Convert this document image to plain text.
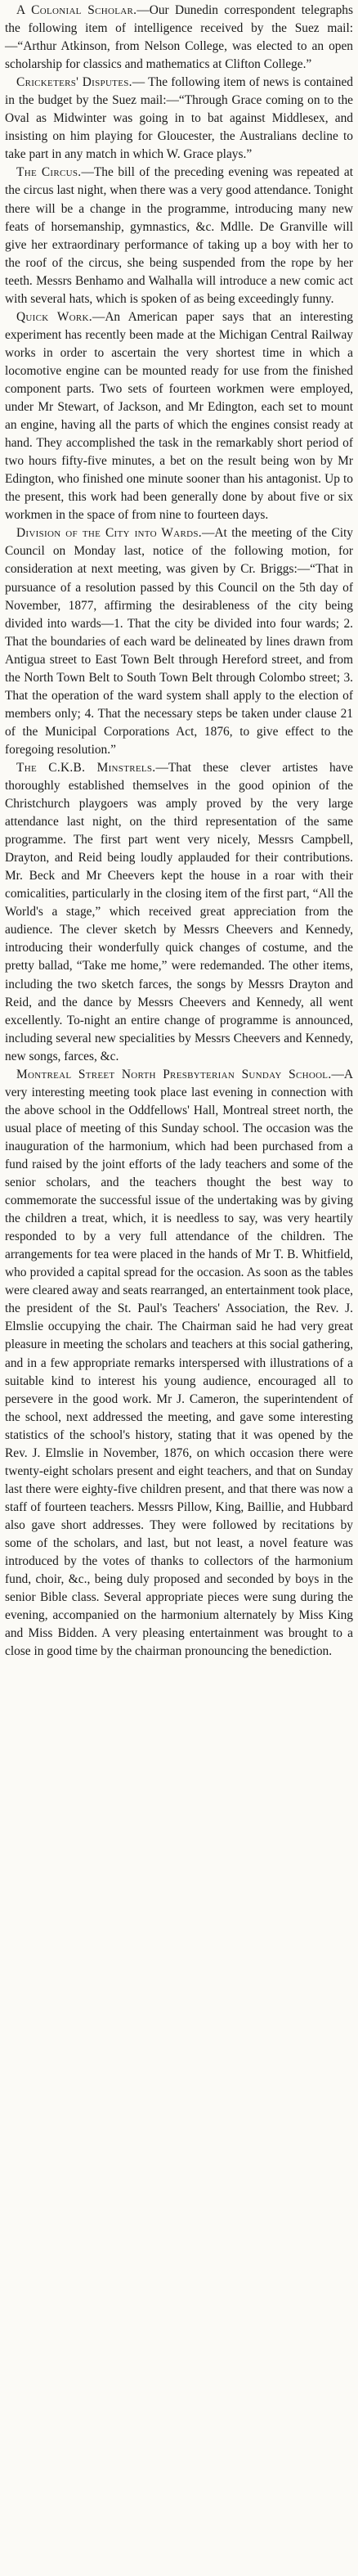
A Colonial Scholar.—Our Dunedin correspondent telegraphs the following item of intelligence received by the Suez mail:—“Arthur Atkinson, from Nelson College, was elected to an open scholarship for classics and mathematics at Clifton College.”

Cricketers' Disputes.— The following item of news is contained in the budget by the Suez mail:—“Through Grace coming on to the Oval as Midwinter was going in to bat against Middlesex, and insisting on him playing for Gloucester, the Australians decline to take part in any match in which W. Grace plays.”

The Circus.—The bill of the preceding evening was repeated at the circus last night, when there was a very good attendance. Tonight there will be a change in the programme, introducing many new feats of horsemanship, gymnastics, &c. Mdlle. De Granville will give her extraordinary performance of taking up a boy with her to the roof of the circus, she being suspended from the rope by her teeth. Messrs Benhamo and Walhalla will introduce a new comic act with several hats, which is spoken of as being exceedingly funny.

Quick Work.—An American paper says that an interesting experiment has recently been made at the Michigan Central Railway works in order to ascertain the very shortest time in which a locomotive engine can be mounted ready for use from the finished component parts. Two sets of fourteen workmen were employed, under Mr Stewart, of Jackson, and Mr Edington, each set to mount an engine, having all the parts of which the engines consist ready at hand. They accomplished the task in the remarkably short period of two hours fifty-five minutes, a bet on the result being won by Mr Edington, who finished one minute sooner than his antagonist. Up to the present, this work had been generally done by about five or six workmen in the space of from nine to fourteen days.

Division of the City into Wards.—At the meeting of the City Council on Monday last, notice of the following motion, for consideration at next meeting, was given by Cr. Briggs:—“That in pursuance of a resolution passed by this Council on the 5th day of November, 1877, affirming the desirableness of the city being divided into wards—1. That the city be divided into four wards; 2. That the boundaries of each ward be delineated by lines drawn from Antigua street to East Town Belt through Hereford street, and from the North Town Belt to South Town Belt through Colombo street; 3. That the operation of the ward system shall apply to the election of members only; 4. That the necessary steps be taken under clause 21 of the Municipal Corporations Act, 1876, to give effect to the foregoing resolution.”

The C.K.B. Minstrels.—That these clever artistes have thoroughly established themselves in the good opinion of the Christchurch playgoers was amply proved by the very large attendance last night, on the third representation of the same programme. The first part went very nicely, Messrs Campbell, Drayton, and Reid being loudly applauded for their contributions. Mr. Beck and Mr Cheevers kept the house in a roar with their comicalities, particularly in the closing item of the first part, “All the World's a stage,” which received great appreciation from the audience. The clever sketch by Messrs Cheevers and Kennedy, introducing their wonderfully quick changes of costume, and the pretty ballad, “Take me home,” were redemanded. The other items, including the two sketch farces, the songs by Messrs Drayton and Reid, and the dance by Messrs Cheevers and Kennedy, all went excellently. To-night an entire change of programme is announced, including several new specialities by Messrs Cheevers and Kennedy, new songs, farces, &c.

Montreal Street North Presbyterian Sunday School.—A very interesting meeting took place last evening in connection with the above school in the Oddfellows' Hall, Montreal street north, the usual place of meeting of this Sunday school. The occasion was the inauguration of the harmonium, which had been purchased from a fund raised by the joint efforts of the lady teachers and some of the senior scholars, and the teachers thought the best way to commemorate the successful issue of the undertaking was by giving the children a treat, which, it is needless to say, was very heartily responded to by a very full attendance of the children. The arrangements for tea were placed in the hands of Mr T. B. Whitfield, who provided a capital spread for the occasion. As soon as the tables were cleared away and seats rearranged, an entertainment took place, the president of the St. Paul's Teachers' Association, the Rev. J. Elmslie occupying the chair. The Chairman said he had very great pleasure in meeting the scholars and teachers at this social gathering, and in a few appropriate remarks interspersed with illustrations of a suitable kind to interest his young audience, encouraged all to persevere in the good work. Mr J. Cameron, the superintendent of the school, next addressed the meeting, and gave some interesting statistics of the school's history, stating that it was opened by the Rev. J. Elmslie in November, 1876, on which occasion there were twenty-eight scholars present and eight teachers, and that on Sunday last there were eighty-five children present, and that there was now a staff of fourteen teachers. Messrs Pillow, King, Baillie, and Hubbard also gave short addresses. They were followed by recitations by some of the scholars, and last, but not least, a novel feature was introduced by the votes of thanks to collectors of the harmonium fund, choir, &c., being duly proposed and seconded by boys in the senior Bible class. Several appropriate pieces were sung during the evening, accompanied on the harmonium alternately by Miss King and Miss Bidden. A very pleasing entertainment was brought to a close in good time by the chairman pronouncing the benediction.
